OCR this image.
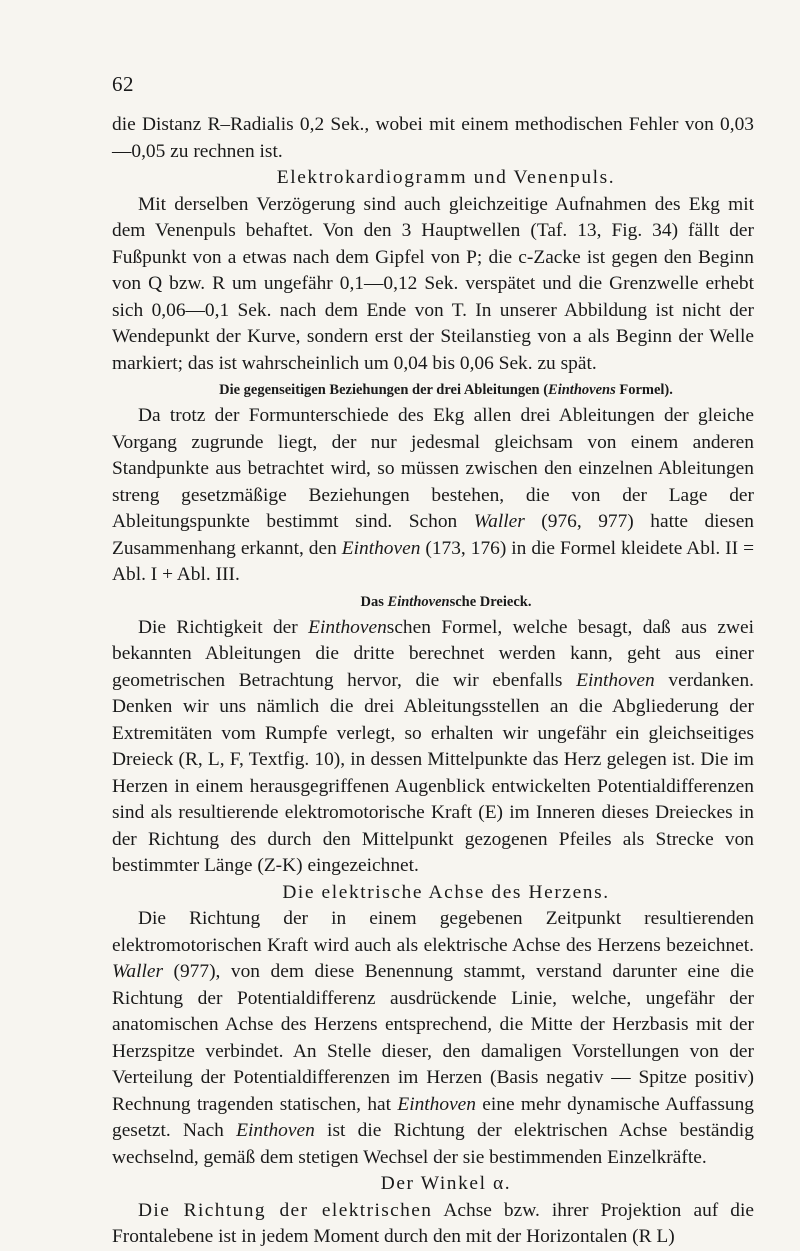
62

die Distanz R–Radialis 0,2 Sek., wobei mit einem methodischen Fehler von 0,03—0,05 zu rechnen ist.

Elektrokardiogramm und Venenpuls.

Mit derselben Verzögerung sind auch gleichzeitige Aufnahmen des Ekg mit dem Venenpuls behaftet. Von den 3 Hauptwellen (Taf. 13, Fig. 34) fällt der Fußpunkt von a etwas nach dem Gipfel von P; die c-Zacke ist gegen den Beginn von Q bzw. R um ungefähr 0,1—0,12 Sek. verspätet und die Grenzwelle erhebt sich 0,06—0,1 Sek. nach dem Ende von T. In unserer Abbildung ist nicht der Wendepunkt der Kurve, sondern erst der Steilanstieg von a als Beginn der Welle markiert; das ist wahrscheinlich um 0,04 bis 0,06 Sek. zu spät.

Die gegenseitigen Beziehungen der drei Ableitungen (Einthovens Formel).

Da trotz der Formunterschiede des Ekg allen drei Ableitungen der gleiche Vorgang zugrunde liegt, der nur jedesmal gleichsam von einem anderen Standpunkte aus betrachtet wird, so müssen zwischen den einzelnen Ableitungen streng gesetzmäßige Beziehungen bestehen, die von der Lage der Ableitungspunkte bestimmt sind. Schon Waller (976, 977) hatte diesen Zusammenhang erkannt, den Einthoven (173, 176) in die Formel kleidete Abl. II = Abl. I + Abl. III.

Das Einthovensche Dreieck.

Die Richtigkeit der Einthovenschen Formel, welche besagt, daß aus zwei bekannten Ableitungen die dritte berechnet werden kann, geht aus einer geometrischen Betrachtung hervor, die wir ebenfalls Einthoven verdanken. Denken wir uns nämlich die drei Ableitungsstellen an die Abgliederung der Extremitäten vom Rumpfe verlegt, so erhalten wir ungefähr ein gleichseitiges Dreieck (R, L, F, Textfig. 10), in dessen Mittelpunkte das Herz gelegen ist. Die im Herzen in einem herausgegriffenen Augenblick entwickelten Potentialdifferenzen sind als resultierende elektromotorische Kraft (E) im Inneren dieses Dreieckes in der Richtung des durch den Mittelpunkt gezogenen Pfeiles als Strecke von bestimmter Länge (Z-K) eingezeichnet.

Die elektrische Achse des Herzens.

Die Richtung der in einem gegebenen Zeitpunkt resultierenden elektromotorischen Kraft wird auch als elektrische Achse des Herzens bezeichnet. Waller (977), von dem diese Benennung stammt, verstand darunter eine die Richtung der Potentialdifferenz ausdrückende Linie, welche, ungefähr der anatomischen Achse des Herzens entsprechend, die Mitte der Herzbasis mit der Herzspitze verbindet. An Stelle dieser, den damaligen Vorstellungen von der Verteilung der Potentialdifferenzen im Herzen (Basis negativ — Spitze positiv) Rechnung tragenden statischen, hat Einthoven eine mehr dynamische Auffassung gesetzt. Nach Einthoven ist die Richtung der elektrischen Achse beständig wechselnd, gemäß dem stetigen Wechsel der sie bestimmenden Einzelkräfte.

Der Winkel α.

Die Richtung der elektrischen Achse bzw. ihrer Projektion auf die Frontalebene ist in jedem Moment durch den mit der Horizontalen (R L)
